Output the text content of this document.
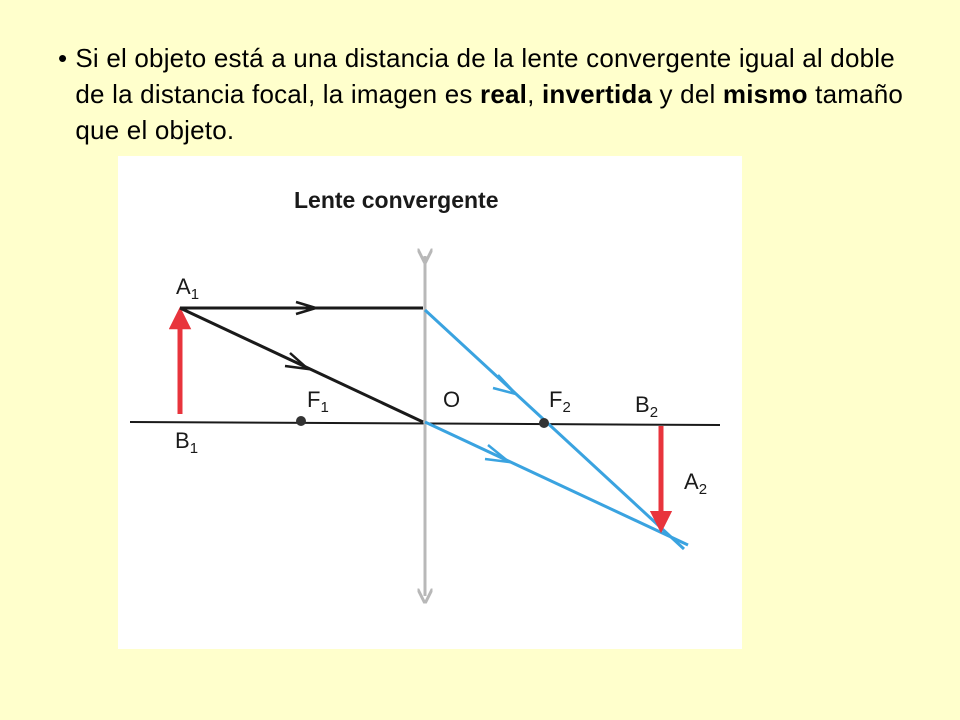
• Si el objeto está a una distancia de la lente convergente igual al doble de la distancia focal, la imagen es real, invertida y del mismo tamaño que el objeto.
Lente convergente
$A_1$
$B_1$
$F_1$	O	$F_2$	$B_2$
$A_2$
